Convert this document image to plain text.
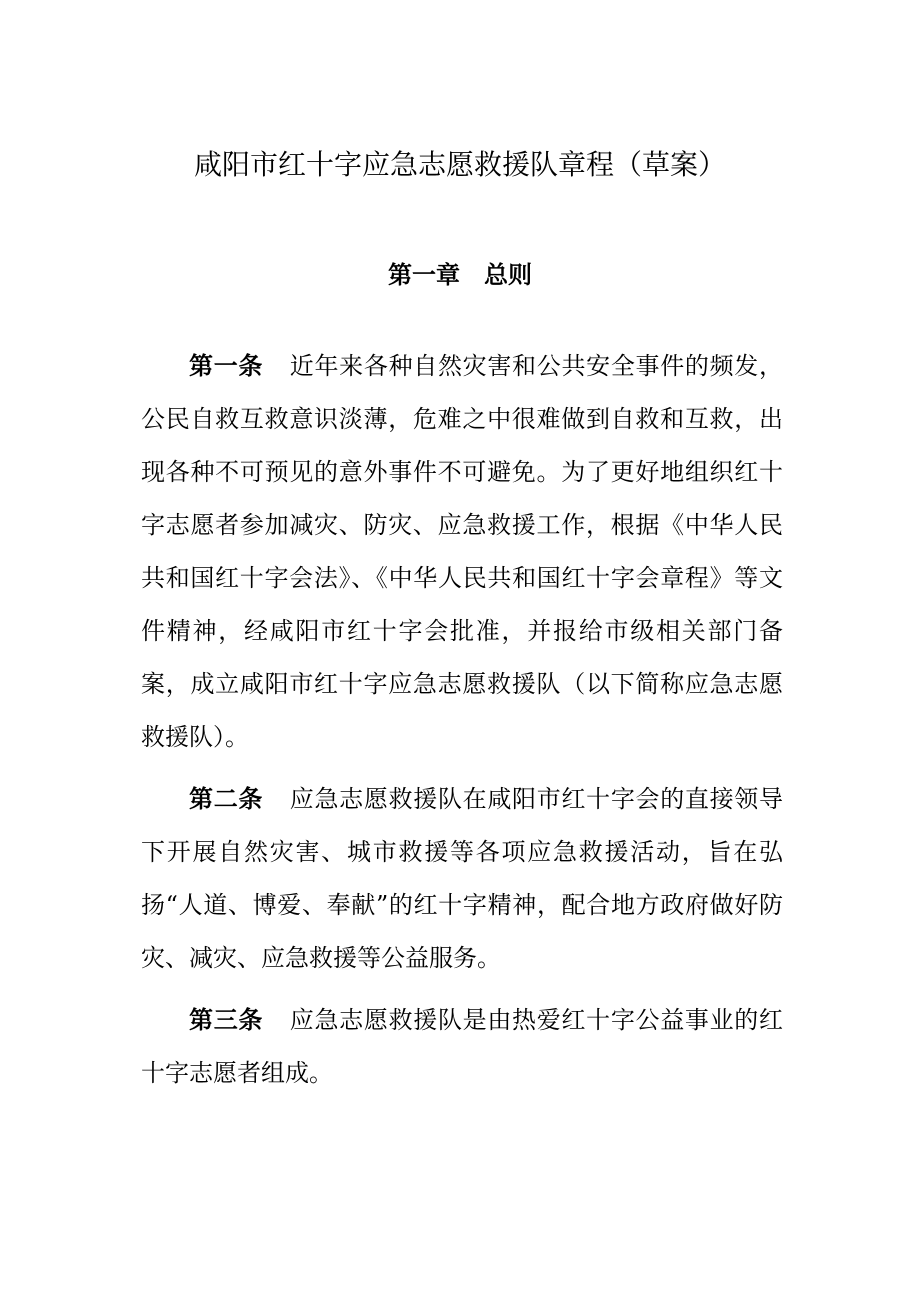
咸阳市红十字应急志愿救援队章程（草案）
第一章 总则

第一条 近年来各种自然灾害和公共安全事件的频发，公民自救互救意识淡薄，危难之中很难做到自救和互救，出现各种不可预见的意外事件不可避免。为了更好地组织红十字志愿者参加减灾、防灾、应急救援工作，根据《中华人民共和国红十字会法》、《中华人民共和国红十字会章程》等文件精神，经咸阳市红十字会批准，并报给市级相关部门备案，成立咸阳市红十字应急志愿救援队（以下简称应急志愿救援队）。

第二条 应急志愿救援队在咸阳市红十字会的直接领导下开展自然灾害、城市救援等各项应急救援活动，旨在弘扬“人道、博爱、奉献”的红十字精神，配合地方政府做好防灾、减灾、应急救援等公益服务。

第三条 应急志愿救援队是由热爱红十字公益事业的红十字志愿者组成。
